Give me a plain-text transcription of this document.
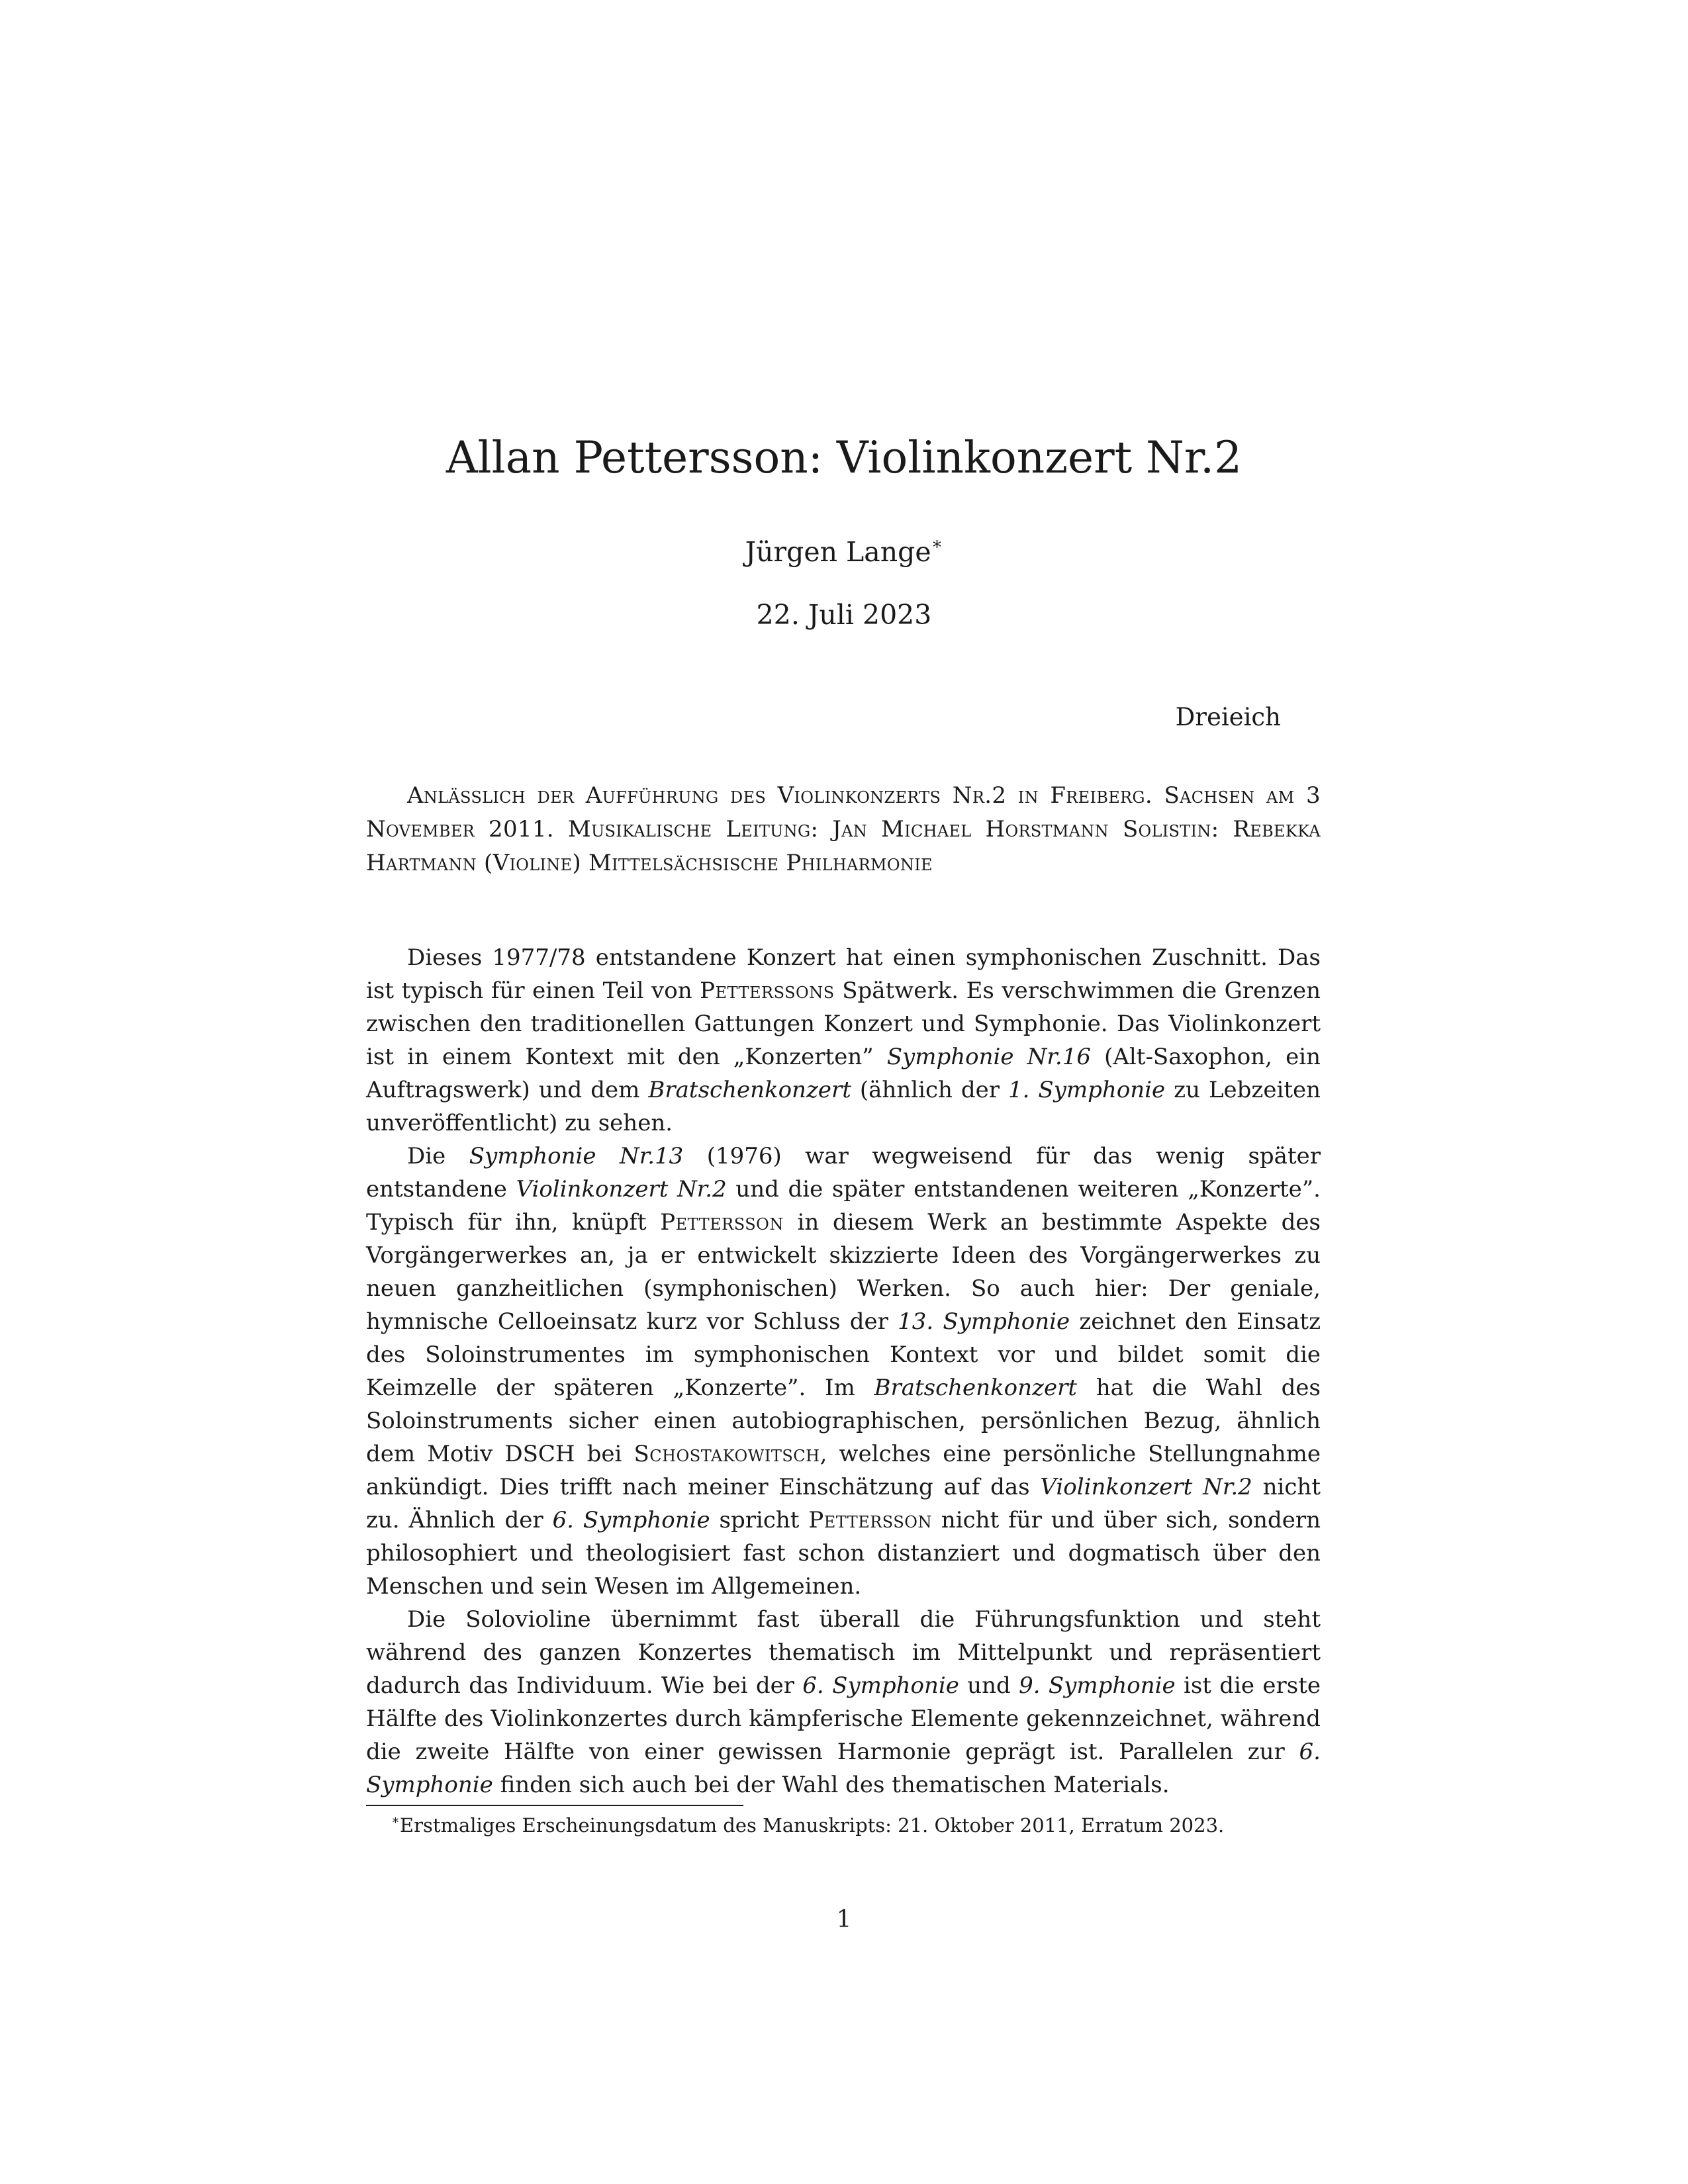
Allan Pettersson: Violinkonzert Nr.2

Jürgen Lange∗

22. Juli 2023

Dreieich

Anlässlich der Aufführung des Violinkonzerts Nr.2 in Freiberg. Sachsen am 3 November 2011. Musikalische Leitung: Jan Michael Horstmann Solistin: Rebekka Hartmann (Violine) Mittelsächsische Philharmonie

Dieses 1977/78 entstandene Konzert hat einen symphonischen Zuschnitt. Das ist typisch für einen Teil von Petterssons Spätwerk. Es verschwimmen die Grenzen zwischen den traditionellen Gattungen Konzert und Symphonie. Das Violinkonzert ist in einem Kontext mit den „Konzerten” Symphonie Nr.16 (Alt-Saxophon, ein Auftragswerk) und dem Bratschenkonzert (ähnlich der 1. Symphonie zu Lebzeiten unveröffentlicht) zu sehen.

Die Symphonie Nr.13 (1976) war wegweisend für das wenig später entstandene Violinkonzert Nr.2 und die später entstandenen weiteren „Konzerte”. Typisch für ihn, knüpft Pettersson in diesem Werk an bestimmte Aspekte des Vorgängerwerkes an, ja er entwickelt skizzierte Ideen des Vorgängerwerkes zu neuen ganzheitlichen (symphonischen) Werken. So auch hier: Der geniale, hymnische Celloeinsatz kurz vor Schluss der 13. Symphonie zeichnet den Einsatz des Soloinstrumentes im symphonischen Kontext vor und bildet somit die Keimzelle der späteren „Konzerte”. Im Bratschenkonzert hat die Wahl des Soloinstruments sicher einen autobiographischen, persönlichen Bezug, ähnlich dem Motiv DSCH bei Schostakowitsch, welches eine persönliche Stellungnahme ankündigt. Dies trifft nach meiner Einschätzung auf das Violinkonzert Nr.2 nicht zu. Ähnlich der 6. Symphonie spricht Pettersson nicht für und über sich, sondern philosophiert und theologisiert fast schon distanziert und dogmatisch über den Menschen und sein Wesen im Allgemeinen.

Die Solovioline übernimmt fast überall die Führungsfunktion und steht während des ganzen Konzertes thematisch im Mittelpunkt und repräsentiert dadurch das Individuum. Wie bei der 6. Symphonie und 9. Symphonie ist die erste Hälfte des Violinkonzertes durch kämpferische Elemente gekennzeichnet, während die zweite Hälfte von einer gewissen Harmonie geprägt ist. Parallelen zur 6. Symphonie finden sich auch bei der Wahl des thematischen Materials.

∗Erstmaliges Erscheinungsdatum des Manuskripts: 21. Oktober 2011, Erratum 2023.

1
